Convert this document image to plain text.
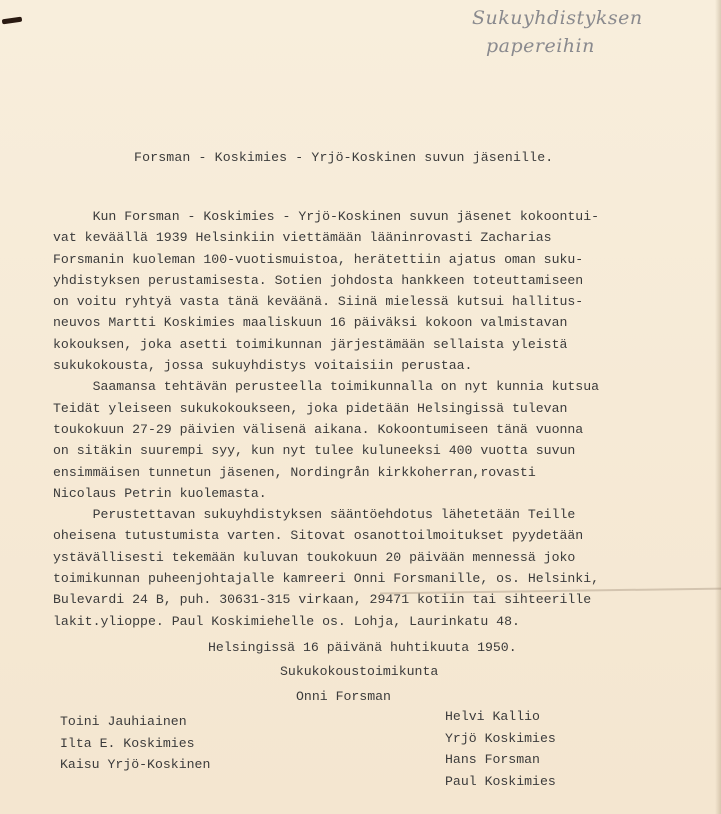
Sukuyhdistyksen
papereihin
Forsman - Koskimies - Yrjö-Koskinen suvun jäsenille.
Kun Forsman - Koskimies - Yrjö-Koskinen suvun jäsenet kokoontui-
vat keväällä 1939 Helsinkiin viettämään lääninrovasti Zacharias
Forsmanin kuoleman 100-vuotismuistoa, herätettiin ajatus oman suku-
yhdistyksen perustamisesta. Sotien johdosta hankkeen toteuttamiseen
on voitu ryhtyä vasta tänä keväänä. Siinä mielessä kutsui hallitus-
neuvos Martti Koskimies maaliskuun 16 päiväksi kokoon valmistavan
kokouksen, joka asetti toimikunnan järjestämään sellaista yleistä
sukukokousta, jossa sukuyhdistys voitaisiin perustaa.
Saamansa tehtävän perusteella toimikunnalla on nyt kunnia kutsua
Teidät yleiseen sukukokoukseen, joka pidetään Helsingissä tulevan
toukokuun 27-29 päivien välisenä aikana. Kokoontumiseen tänä vuonna
on sitäkin suurempi syy, kun nyt tulee kuluneeksi 400 vuotta suvun
ensimmäisen tunnetun jäsenen, Nordingrån kirkkoherran,rovasti
Nicolaus Petrin kuolemasta.
Perustettavan sukuyhdistyksen sääntöehdotus lähetetään Teille
oheisena tutustumista varten. Sitovat osanottoilmoitukset pyydetään
ystävällisesti tekemään kuluvan toukokuun 20 päivään mennessä joko
toimikunnan puheenjohtajalle kamreeri Onni Forsmanille, os. Helsinki,
Bulevardi 24 B, puh. 30631-315 virkaan, 29471 kotiin tai sihteerille
lakit.ylioppe. Paul Koskimiehelle os. Lohja, Laurinkatu 48.
Helsingissä 16 päivänä huhtikuuta 1950.
Sukukokoustoimikunta
Onni Forsman
Toini Jauhiainen
Ilta E. Koskimies
Kaisu Yrjö-Koskinen
Helvi Kallio
Yrjö Koskimies
Hans Forsman
Paul Koskimies
